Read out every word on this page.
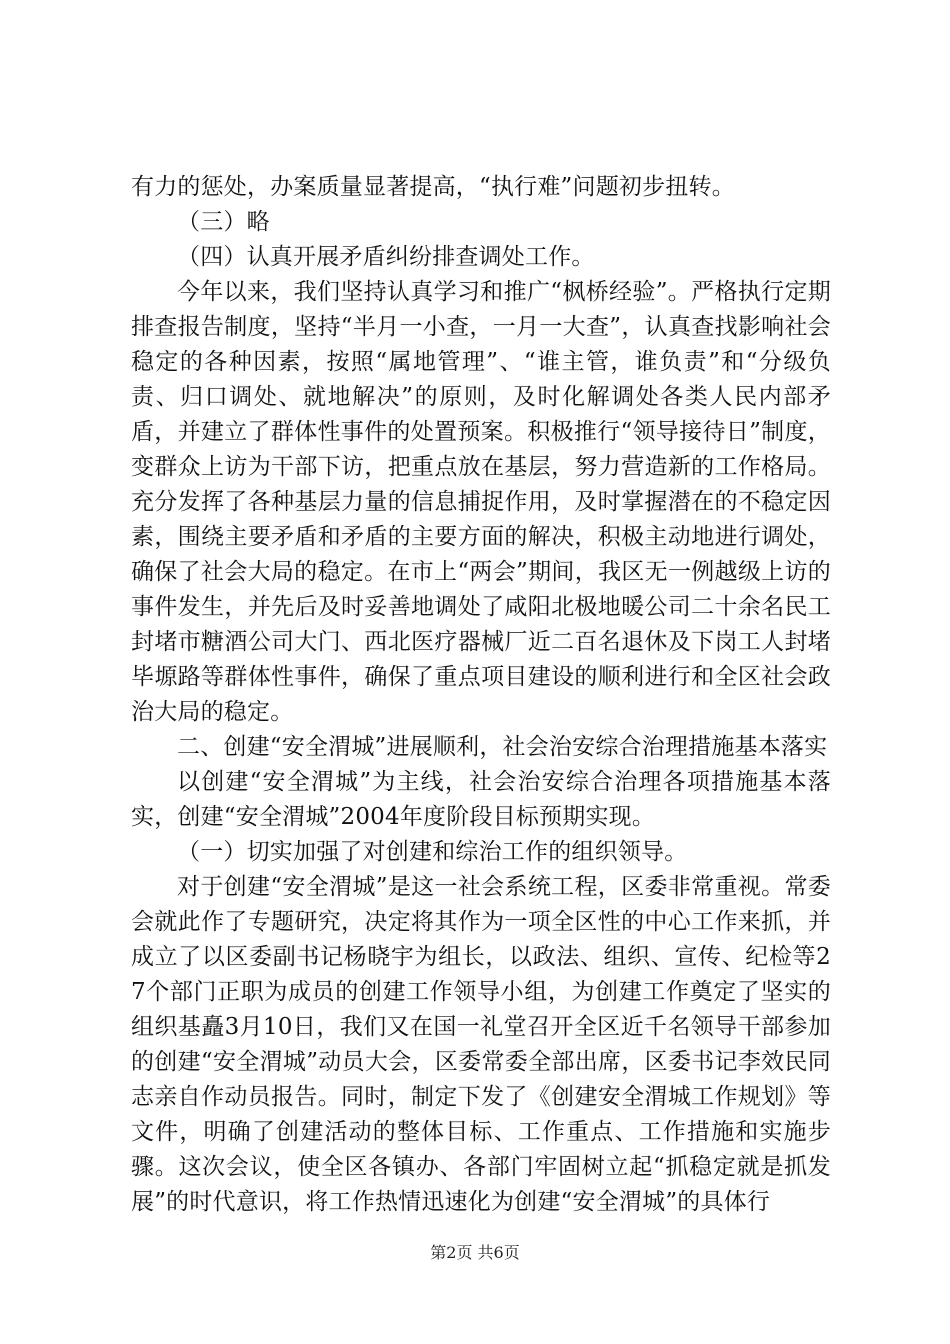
有力的惩处，办案质量显著提高，“执行难”问题初步扭转。

（三）略

（四）认真开展矛盾纠纷排查调处工作。

今年以来，我们坚持认真学习和推广“枫桥经验”。严格执行定期排查报告制度，坚持“半月一小查，一月一大查”，认真查找影响社会稳定的各种因素，按照“属地管理”、“谁主管，谁负责”和“分级负责、归口调处、就地解决”的原则，及时化解调处各类人民内部矛盾，并建立了群体性事件的处置预案。积极推行“领导接待日”制度，变群众上访为干部下访，把重点放在基层，努力营造新的工作格局。充分发挥了各种基层力量的信息捕捉作用，及时掌握潜在的不稳定因素，围绕主要矛盾和矛盾的主要方面的解决，积极主动地进行调处，确保了社会大局的稳定。在市上“两会”期间，我区无一例越级上访的事件发生，并先后及时妥善地调处了咸阳北极地暖公司二十余名民工封堵市糖酒公司大门、西北医疗器械厂近二百名退休及下岗工人封堵毕塬路等群体性事件，确保了重点项目建设的顺利进行和全区社会政治大局的稳定。

二、创建“安全渭城”进展顺利，社会治安综合治理措施基本落实

以创建“安全渭城”为主线，社会治安综合治理各项措施基本落实，创建“安全渭城”2004年度阶段目标预期实现。

（一）切实加强了对创建和综治工作的组织领导。

对于创建“安全渭城”是这一社会系统工程，区委非常重视。常委会就此作了专题研究，决定将其作为一项全区性的中心工作来抓，并成立了以区委副书记杨晓宇为组长，以政法、组织、宣传、纪检等27个部门正职为成员的创建工作领导小组，为创建工作奠定了坚实的组织基矗3月10日，我们又在国一礼堂召开全区近千名领导干部参加的创建“安全渭城”动员大会，区委常委全部出席，区委书记李效民同志亲自作动员报告。同时，制定下发了《创建安全渭城工作规划》等文件，明确了创建活动的整体目标、工作重点、工作措施和实施步骤。这次会议，使全区各镇办、各部门牢固树立起“抓稳定就是抓发展”的时代意识，将工作热情迅速化为创建“安全渭城”的具体行

第2页 共6页
